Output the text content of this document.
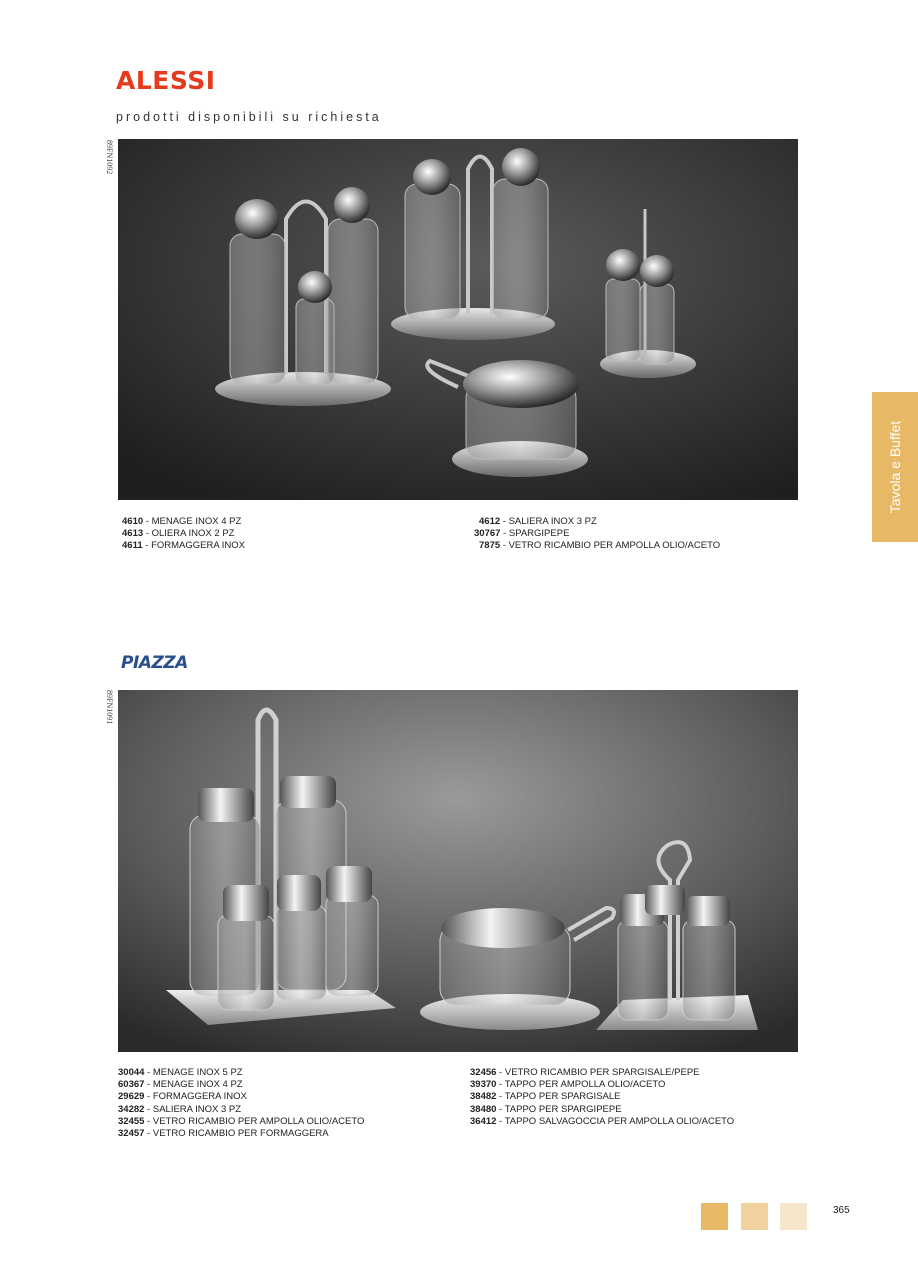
ALESSI
prodotti disponibili su richiesta
89FN1092
4610 - MENAGE INOX 4 PZ
4613 - OLIERA INOX 2 PZ
4611 - FORMAGGERA INOX
4612 - SALIERA INOX 3 PZ
30767 - SPARGIPEPE
7875 - VETRO RICAMBIO PER AMPOLLA OLIO/ACETO
PIAZZA
89FN1091
30044 - MENAGE INOX 5 PZ
60367 - MENAGE INOX 4 PZ
29629 - FORMAGGERA INOX
34282 - SALIERA INOX 3 PZ
32455 - VETRO RICAMBIO PER AMPOLLA OLIO/ACETO
32457 - VETRO RICAMBIO PER FORMAGGERA
32456 - VETRO RICAMBIO PER SPARGISALE/PEPE
39370 - TAPPO PER AMPOLLA OLIO/ACETO
38482 - TAPPO PER SPARGISALE
38480 - TAPPO PER SPARGIPEPE
36412 - TAPPO SALVAGOCCIA PER AMPOLLA OLIO/ACETO
Tavola e Buffet
365
